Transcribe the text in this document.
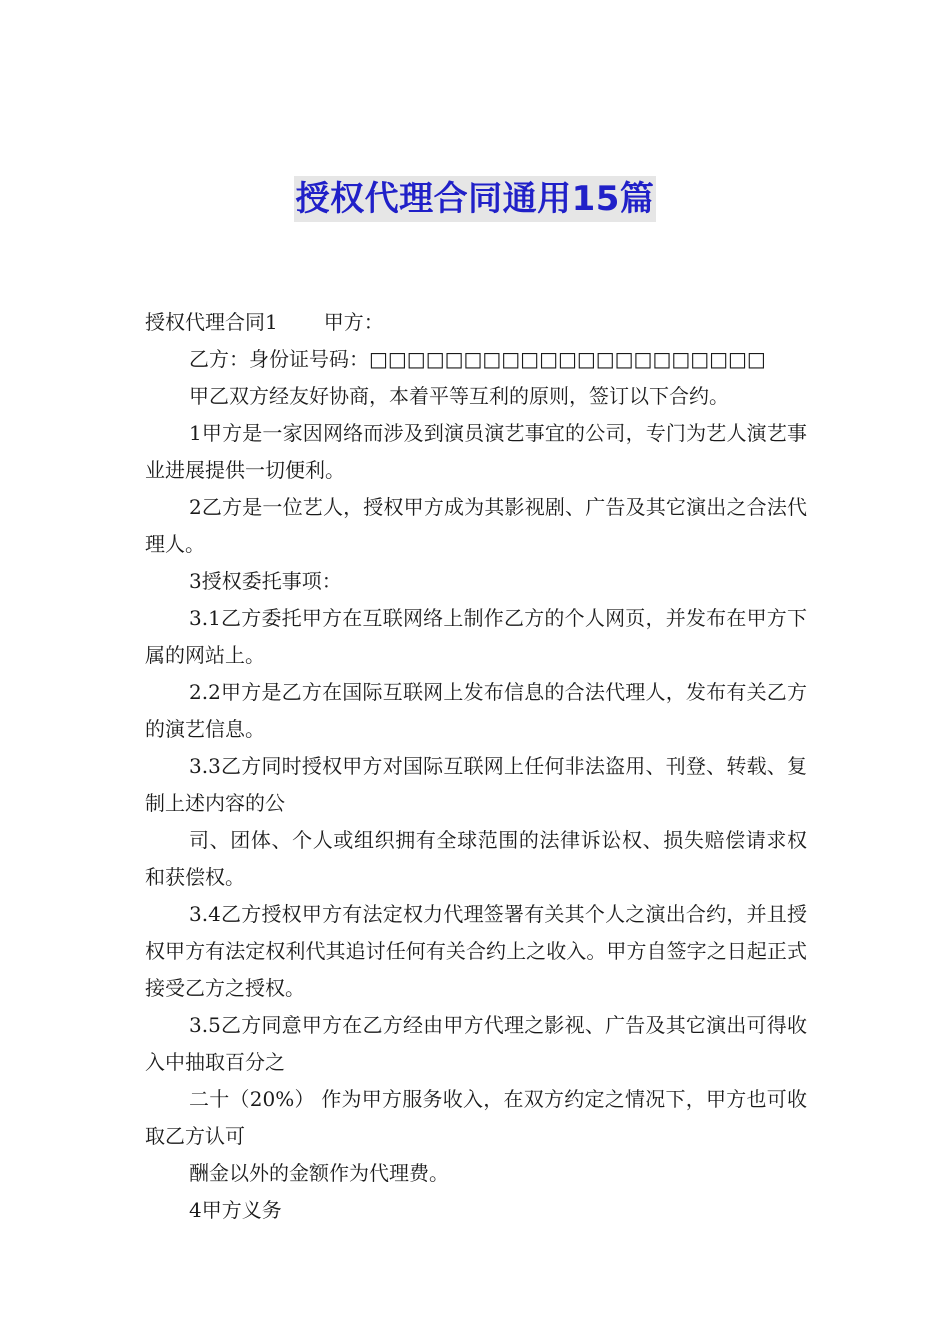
授权代理合同通用15篇

授权代理合同1 甲方：

乙方：身份证号码：□□□□□□□□□□□□□□□□□□□□□

甲乙双方经友好协商，本着平等互利的原则，签订以下合约。

1甲方是一家因网络而涉及到演员演艺事宜的公司，专门为艺人演艺事业进展提供一切便利。

2乙方是一位艺人，授权甲方成为其影视剧、广告及其它演出之合法代理人。

3授权委托事项：

3.1乙方委托甲方在互联网络上制作乙方的个人网页，并发布在甲方下属的网站上。

2.2甲方是乙方在国际互联网上发布信息的合法代理人，发布有关乙方的演艺信息。

3.3乙方同时授权甲方对国际互联网上任何非法盗用、刊登、转载、复制上述内容的公

司、团体、个人或组织拥有全球范围的法律诉讼权、损失赔偿请求权和获偿权。

3.4乙方授权甲方有法定权力代理签署有关其个人之演出合约，并且授权甲方有法定权利代其追讨任何有关合约上之收入。甲方自签字之日起正式接受乙方之授权。

3.5乙方同意甲方在乙方经由甲方代理之影视、广告及其它演出可得收入中抽取百分之

二十（20%） 作为甲方服务收入，在双方约定之情况下，甲方也可收取乙方认可

酬金以外的金额作为代理费。

4甲方义务
